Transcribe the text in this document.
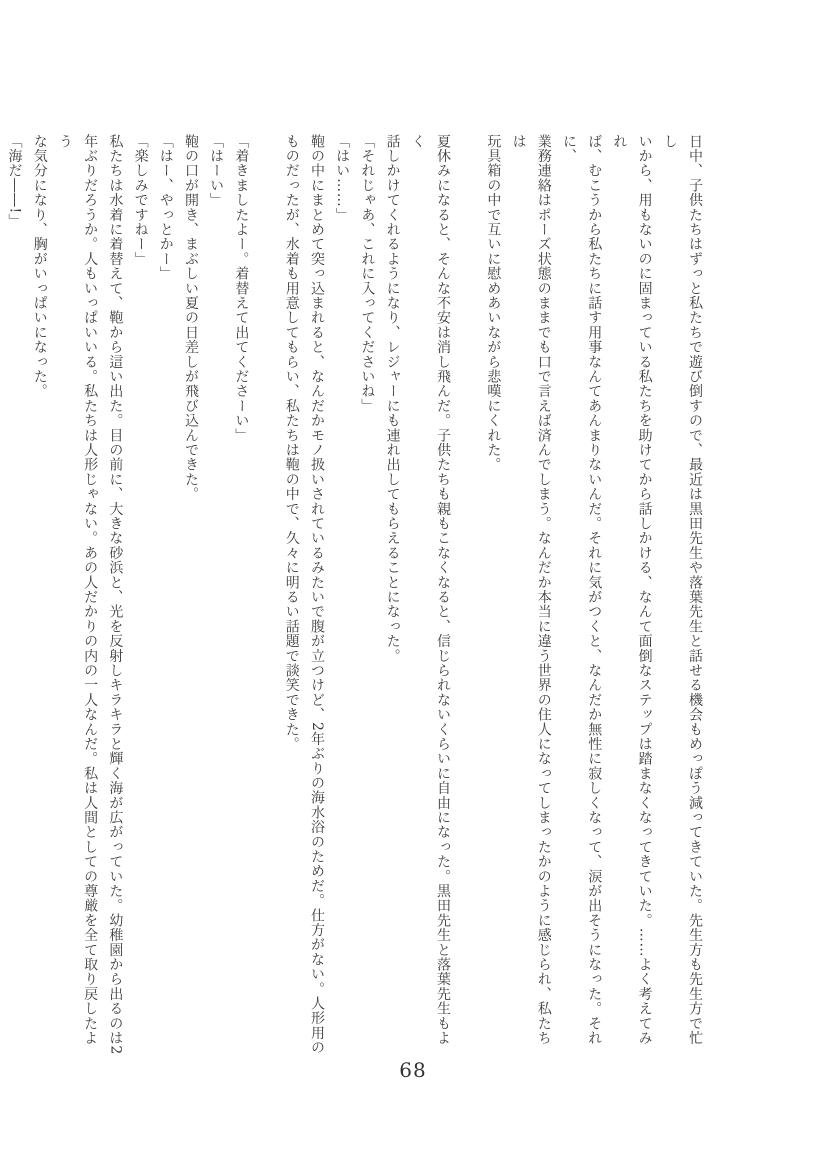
日中、子供たちはずっと私たちで遊び倒すので、最近は黒田先生や落葉先生と話せる機会もめっぽう減ってきていた。先生方も先生方で忙し

いから、用もないのに固まっている私たちを助けてから話しかける、なんて面倒なステップは踏まなくなってきていた。……よく考えてみれ

ば、むこうから私たちに話す用事なんてあんまりないんだ。それに気がつくと、なんだか無性に寂しくなって、涙が出そうになった。それに、

業務連絡はポーズ状態のままでも口で言えば済んでしまう。なんだか本当に違う世界の住人になってしまったかのように感じられ、私たちは

玩具箱の中で互いに慰めあいながら悲嘆にくれた。

夏休みになると、そんな不安は消し飛んだ。子供たちも親もこなくなると、信じられないくらいに自由になった。黒田先生と落葉先生もよく

話しかけてくれるようになり、レジャーにも連れ出してもらえることになった。

「それじゃあ、これに入ってくださいね」

「はい……」

鞄の中にまとめて突っ込まれると、なんだかモノ扱いされているみたいで腹が立つけど、2年ぶりの海水浴のためだ。仕方がない。人形用の

ものだったが、水着も用意してもらい、私たちは鞄の中で、久々に明るい話題で談笑できた。

「着きましたよー。着替えて出てくださーい」

「はーい」

鞄の口が開き、まぶしい夏の日差しが飛び込んできた。

「はー、やっとかー」

「楽しみですねー」

私たちは水着に着替えて、鞄から這い出た。目の前に、大きな砂浜と、光を反射しキラキラと輝く海が広がっていた。幼稚園から出るのは2

年ぶりだろうか。人もいっぱいいる。私たちは人形じゃない。あの人だかりの内の一人なんだ。私は人間としての尊厳を全て取り戻したよう

な気分になり、胸がいっぱいになった。

「海だ――!」

68
